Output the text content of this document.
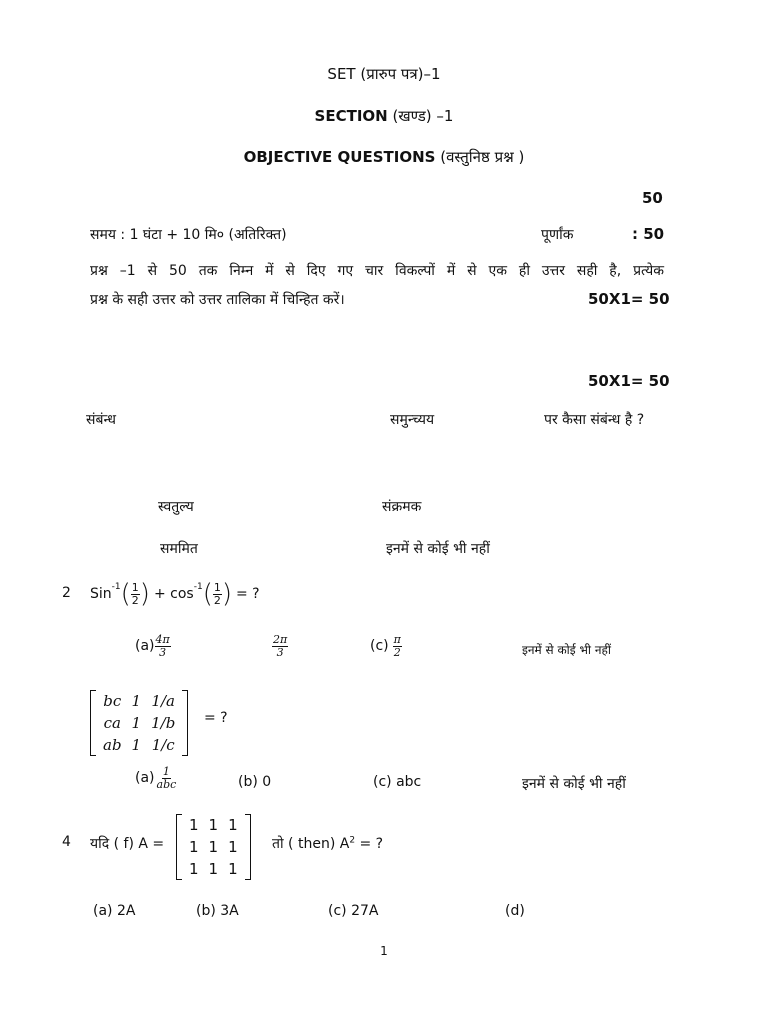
SET (प्रारुप पत्र)–1
SECTION (खण्ड) –1
OBJECTIVE QUESTIONS (वस्तुनिष्ठ प्रश्न )
50
समय : 1 घंटा + 10 मि० (अतिरिक्त)	पूर्णांक	: 50
प्रश्न –1 से 50 तक निम्न में से दिए गए चार विकल्पों में से एक ही उत्तर सही है, प्रत्येक
प्रश्न के सही उत्तर को उत्तर तालिका में चिन्हित करें।	50X1= 50
50X1= 50
संबंन्ध	समुन्च्यय	पर कैसा संबंन्ध है ?
स्वतुल्य	संक्रमक
सममित	इनमें से कोई भी नहीं
2 Sin$^{-1}$ ( $\frac{1}{2}$ ) + $\cos^{-1}$ ( $\frac{1}{2}$ ) = ?
$(a) \frac{4\pi}{3}$	$\frac{2\pi}{3}$	$(c) \frac{\pi}{2}$	इनमें से कोई भी नहीं
bc	1	1/a
ca	1	1/b
ab	1	1/c
= ?
$(a) \frac{1}{\text{abc}}$	(b) 0	(c) abc	इनमें से कोई भी नहीं
4 यदि ( f) A =
1	1	1
1	1	1
1	1	1
तो ( then) $A^2$ = ?
(a) 2A	(b) 3A	(c) 27A	(d)
1
